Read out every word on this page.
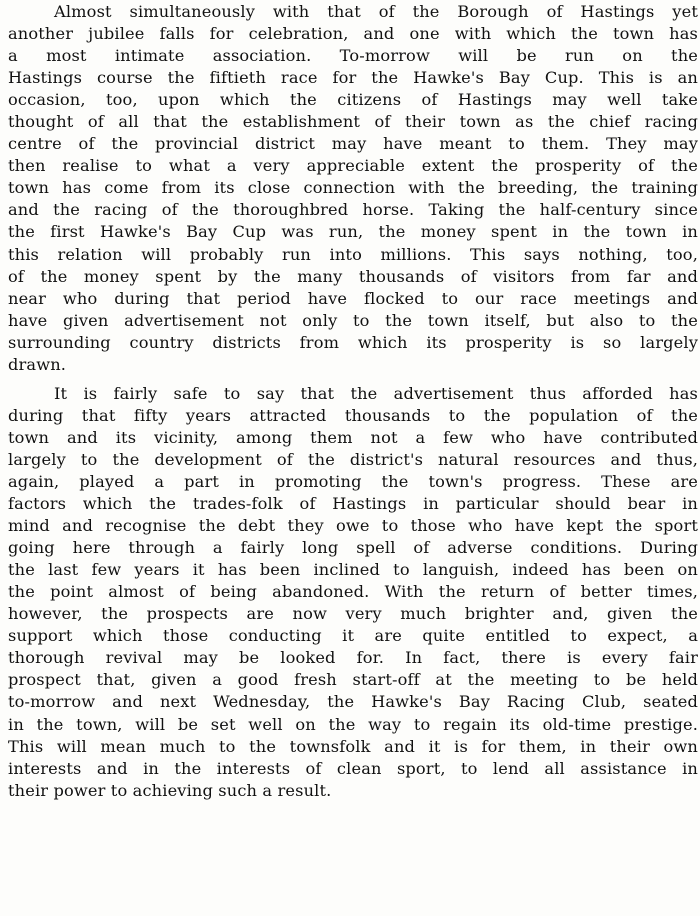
Almost simultaneously with that of the Borough of Hastings yet
another jubilee falls for celebration, and one with which the town has
a most intimate association. To-morrow will be run on the
Hastings course the fiftieth race for the Hawke's Bay Cup. This is an
occasion, too, upon which the citizens of Hastings may well take
thought of all that the establishment of their town as the chief racing
centre of the provincial district may have meant to them. They may
then realise to what a very appreciable extent the prosperity of the
town has come from its close connection with the breeding, the training
and the racing of the thoroughbred horse. Taking the half-century since
the first Hawke's Bay Cup was run, the money spent in the town in
this relation will probably run into millions. This says nothing, too,
of the money spent by the many thousands of visitors from far and
near who during that period have flocked to our race meetings and
have given advertisement not only to the town itself, but also to the
surrounding country districts from which its prosperity is so largely
drawn.
It is fairly safe to say that the advertisement thus afforded has
during that fifty years attracted thousands to the population of the
town and its vicinity, among them not a few who have contributed
largely to the development of the district's natural resources and thus,
again, played a part in promoting the town's progress. These are
factors which the trades-folk of Hastings in particular should bear in
mind and recognise the debt they owe to those who have kept the sport
going here through a fairly long spell of adverse conditions. During
the last few years it has been inclined to languish, indeed has been on
the point almost of being abandoned. With the return of better times,
however, the prospects are now very much brighter and, given the
support which those conducting it are quite entitled to expect, a
thorough revival may be looked for. In fact, there is every fair
prospect that, given a good fresh start-off at the meeting to be held
to-morrow and next Wednesday, the Hawke's Bay Racing Club, seated
in the town, will be set well on the way to regain its old-time prestige.
This will mean much to the townsfolk and it is for them, in their own
interests and in the interests of clean sport, to lend all assistance in
their power to achieving such a result.
